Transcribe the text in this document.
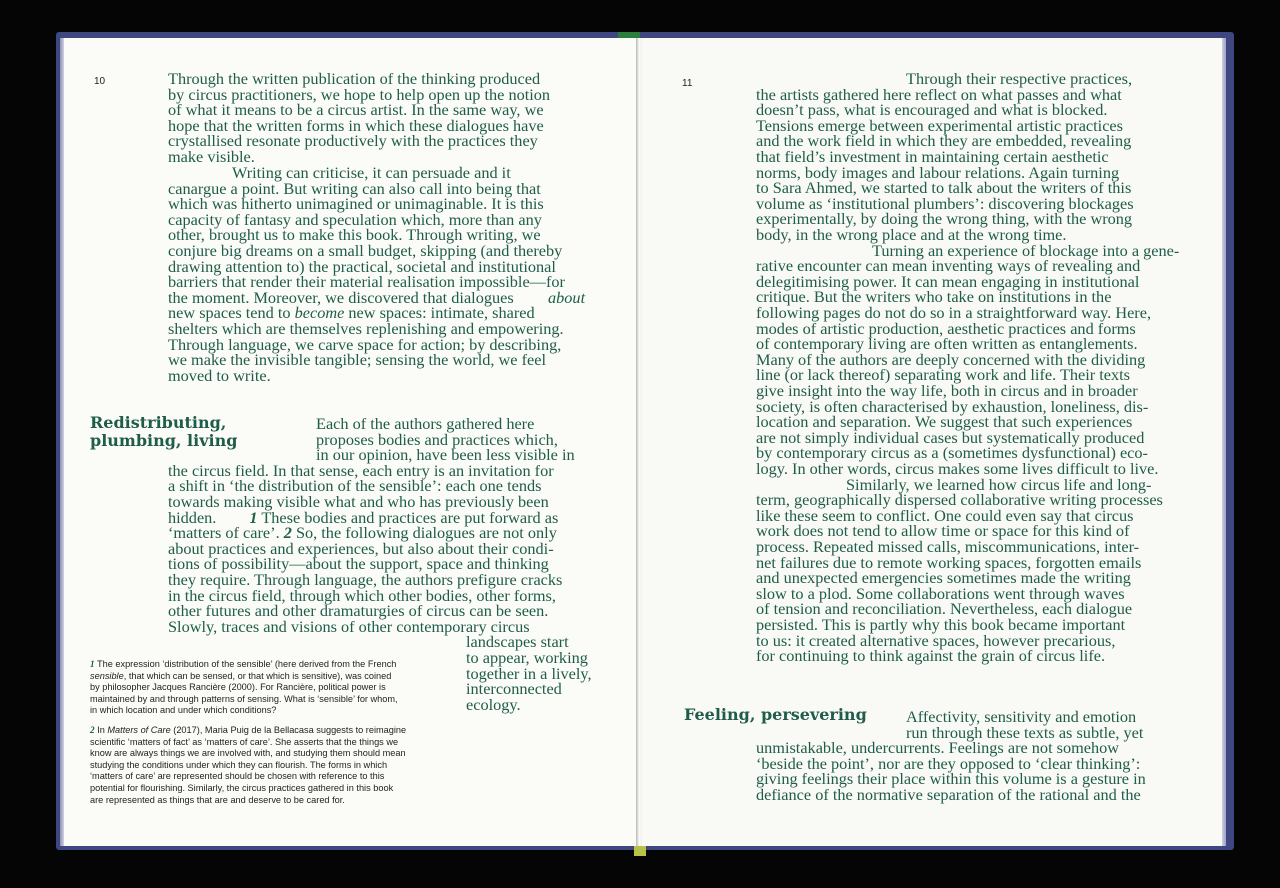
10	Through the written publication of the thinking produced
by circus practitioners, we hope to help open up the notion
of what it means to be a circus artist. In the same way, we
hope that the written forms in which these dialogues have
crystallised resonate productively with the practices they
make visible.
Writing can criticise, it can persuade and it
canargue a point. But writing can also call into being that
which was hitherto unimagined or unimaginable. It is this
capacity of fantasy and speculation which, more than any
other, brought us to make this book. Through writing, we
conjure big dreams on a small budget, skipping (and thereby
drawing attention to) the practical, societal and institutional
barriers that render their material realisation impossible—for
the moment. Moreover, we discovered that dialogues	about
new spaces tend to become new spaces: intimate, shared
shelters which are themselves replenishing and empowering.
Through language, we carve space for action; by describing,
we make the invisible tangible; sensing the world, we feel
moved to write.
Redistributing,
plumbing, living
Each of the authors gathered here
proposes bodies and practices which,
in our opinion, have been less visible in
the circus field. In that sense, each entry is an invitation for
a shift in ‘the distribution of the sensible’: each one tends
towards making visible what and who has previously been
hidden.	1 These bodies and practices are put forward as
‘matters of care’. 2 So, the following dialogues are not only
about practices and experiences, but also about their condi-
tions of possibility—about the support, space and thinking
they require. Through language, the authors prefigure cracks
in the circus field, through which other bodies, other forms,
other futures and other dramaturgies of circus can be seen.
Slowly, traces and visions of other contemporary circus
landscapes start
to appear, working
together in a lively,
interconnected
ecology.
1 The expression ‘distribution of the sensible’ (here derived from the French
sensible, that which can be sensed, or that which is sensitive), was coined
by philosopher Jacques Rancière (2000). For Rancière, political power is
maintained by and through patterns of sensing. What is ‘sensible’ for whom,
in which location and under which conditions?
2 In Matters of Care (2017), Maria Puig de la Bellacasa suggests to reimagine
scientific ‘matters of fact’ as ‘matters of care’. She asserts that the things we
know are always things we are involved with, and studying them should mean
studying the conditions under which they can flourish. The forms in which
‘matters of care’ are represented should be chosen with reference to this
potential for flourishing. Similarly, the circus practices gathered in this book
are represented as things that are and deserve to be cared for.
11	Through their respective practices,
the artists gathered here reflect on what passes and what
doesn’t pass, what is encouraged and what is blocked.
Tensions emerge between experimental artistic practices
and the work field in which they are embedded, revealing
that field’s investment in maintaining certain aesthetic
norms, body images and labour relations. Again turning
to Sara Ahmed, we started to talk about the writers of this
volume as ‘institutional plumbers’: discovering blockages
experimentally, by doing the wrong thing, with the wrong
body, in the wrong place and at the wrong time.
Turning an experience of blockage into a gene-
rative encounter can mean inventing ways of revealing and
delegitimising power. It can mean engaging in institutional
critique. But the writers who take on institutions in the
following pages do not do so in a straightforward way. Here,
modes of artistic production, aesthetic practices and forms
of contemporary living are often written as entanglements.
Many of the authors are deeply concerned with the dividing
line (or lack thereof) separating work and life. Their texts
give insight into the way life, both in circus and in broader
society, is often characterised by exhaustion, loneliness, dis-
location and separation. We suggest that such experiences
are not simply individual cases but systematically produced
by contemporary circus as a (sometimes dysfunctional) eco-
logy. In other words, circus makes some lives difficult to live.
Similarly, we learned how circus life and long-
term, geographically dispersed collaborative writing processes
like these seem to conflict. One could even say that circus
work does not tend to allow time or space for this kind of
process. Repeated missed calls, miscommunications, inter-
net failures due to remote working spaces, forgotten emails
and unexpected emergencies sometimes made the writing
slow to a plod. Some collaborations went through waves
of tension and reconciliation. Nevertheless, each dialogue
persisted. This is partly why this book became important
to us: it created alternative spaces, however precarious,
for continuing to think against the grain of circus life.
Feeling, persevering Affectivity, sensitivity and emotion
run through these texts as subtle, yet
unmistakable, undercurrents. Feelings are not somehow
‘beside the point’, nor are they opposed to ‘clear thinking’:
giving feelings their place within this volume is a gesture in
defiance of the normative separation of the rational and the
